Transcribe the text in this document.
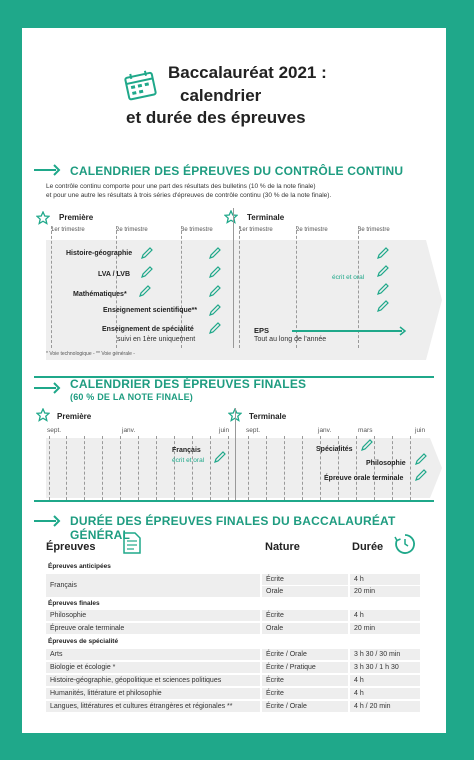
Baccalauréat 2021 :
calendrier
et durée des épreuves
CALENDRIER DES ÉPREUVES DU CONTRÔLE CONTINU
Le contrôle continu comporte pour une part des résultats des bulletins (10 % de la note finale)
et pour une autre les résultats à trois séries d'épreuves de contrôle continu (30 % de la note finale).
Première	Terminale
1er trimestre	2e trimestre	3e trimestre	1er trimestre	2e trimestre	3e trimestre
Histoire-géographie
LVA / LVB
Mathématiques*
Enseignement scientifique**
Enseignement de spécialité
suivi en 1ère uniquement
écrit et oral
EPS
Tout au long de l'année
* Voie technologique - ** Voie générale -
CALENDRIER DES ÉPREUVES FINALES
(60 % DE LA NOTE FINALE)
Première	Terminale
sept.	janv.	juin	sept.	janv.	mars	juin
Français
écrit et oral
Spécialités
Philosophie
Épreuve orale terminale
DURÉE DES ÉPREUVES FINALES DU BACCALAURÉAT GÉNÉRAL
Épreuves	Nature	Durée
Épreuves anticipées
Français
Écrite	4 h
Orale	20 min
Épreuves finales
Philosophie	Écrite	4 h
Épreuve orale terminale	Orale	20 min
Épreuves de spécialité
Arts	Écrite / Orale	3 h 30 / 30 min
Biologie et écologie *	Écrite / Pratique	3 h 30 / 1 h 30
Histoire-géographie, géopolitique et sciences politiques	Écrite	4 h
Humanités, littérature et philosophie	Écrite	4 h
Langues, littératures et cultures étrangères et régionales **	Écrite / Orale	4 h / 20 min
